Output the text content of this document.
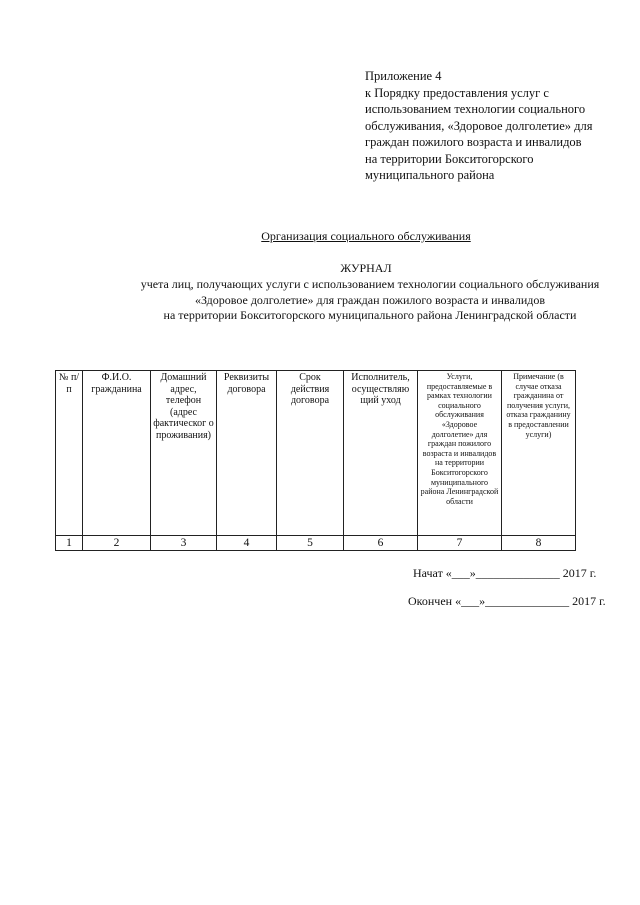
Приложение 4
к Порядку предоставления услуг с
использованием технологии социального
обслуживания, «Здоровое долголетие» для
граждан пожилого возраста и инвалидов
на территории Бокситогорского
муниципального района
Организация социального обслуживания
ЖУРНАЛ
учета лиц, получающих услуги с использованием технологии социального обслуживания
«Здоровое долголетие» для граждан пожилого возраста и инвалидов
на территории Бокситогорского муниципального района Ленинградской области
№ п/п	Ф.И.О. гражданина	Домашний адрес, телефон (адрес фактическог о проживания)	Реквизиты договора	Срок действия договора	Исполнитель, осуществляю щий уход	Услуги, предоставляемые в рамках технологии социального обслуживания «Здоровое долголетие» для граждан пожилого возраста и инвалидов на территории Бокситогорского муниципального района Ленинградской области	Примечание (в случае отказа гражданина от получения услуги, отказа гражданину в предоставлении услуги)
1	2	3	4	5	6	7	8
Начат «___»______________ 2017 г.
Окончен «___»______________ 2017 г.
